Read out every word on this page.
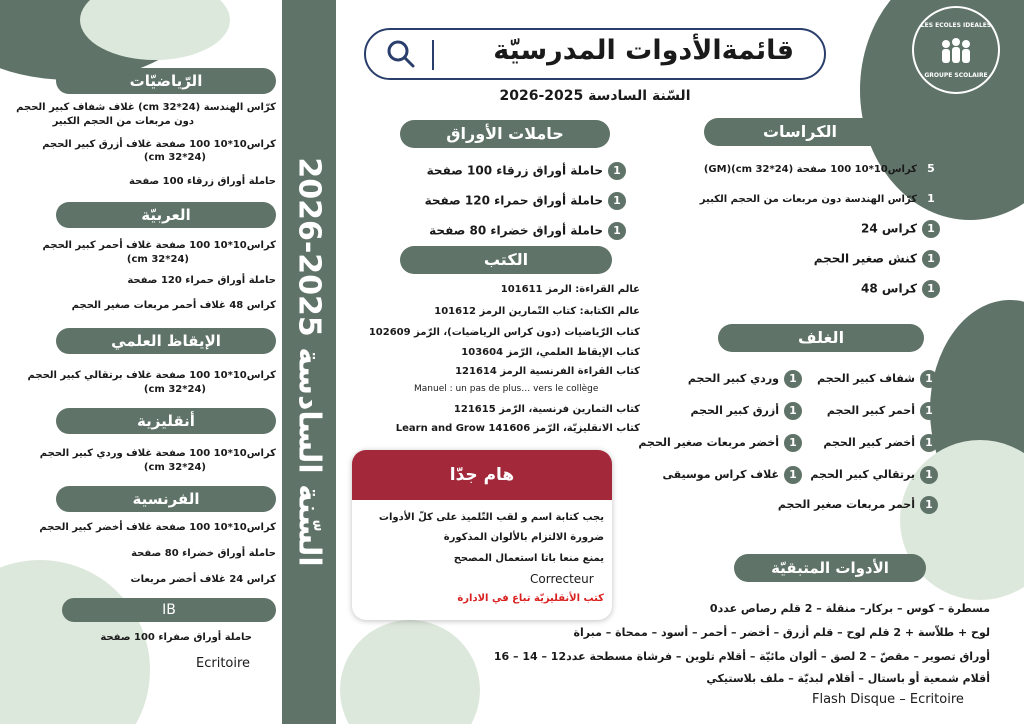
السّنة السادسة 2025-2026
LES ECOLES IDEALES
GROUPE SCOLAIRE
قائمةالأدوات المدرسيّة
السّنة السادسة 2025-2026
الرّياضيّات
كرّاس الهندسة (24*32 cm) غلاف شفاف كبير الحجم
دون مربعات من الحجم الكبير
كراس10*10 100 صفحة غلاف أزرق كبير الحجم
(24*32 cm)
حاملة أوراق زرقاء 100 صفحة
العربيّة
كراس10*10 100 صفحة غلاف أحمر كبير الحجم
(24*32 cm)
حاملة أوراق حمراء 120 صفحة
كراس 48 غلاف أحمر مربعات صغير الحجم
الإيقاظ العلمي
كراس10*10 100 صفحة غلاف برتقالي كبير الحجم
(24*32 cm)
أنقليزية
كراس10*10 100 صفحة غلاف وردي كبير الحجم
(24*32 cm)
الفرنسية
كراس10*10 100 صفحة غلاف أخضر كبير الحجم
حاملة أوراق خضراء 80 صفحة
كراس 24 غلاف أخضر مربعات
IB
حاملة أوراق صفراء 100 صفحة
Ecritoire
حاملات الأوراق
1حاملة أوراق زرقاء 100 صفحة
1حاملة أوراق حمراء 120 صفحة
1حاملة أوراق خضراء 80 صفحة
الكتب
عالم القراءة: الرمز 101611
عالم الكتابة: كتاب التّمارين الرمز 101612
كتاب الرّياضيات (دون كراس الرياضيات)، الرّمز 102609
كتاب الإيقاظ العلمي، الرّمز 103604
كتاب القراءة الفرنسية الرمز 121614
Manuel : un pas de plus… vers le collège
كتاب التمارين فرنسية، الرّمز 121615
كتاب الانقليزيّة، الرّمز 141606 Learn and Grow
هام جدّا
يجب كتابة اسم و لقب التّلميذ على كلّ الأدوات
ضرورة الالتزام بالألوان المذكورة
يمنع منعا باتا استعمال المصحح
Correcteur
كتب الأنقليزيّة تباع في الادارة
الكراسات
5كراس10*10 100 صفحة (24*32 cm)(GM)
1كرّاس الهندسة دون مربعات من الحجم الكبير
1كراس 24
1كنش صغير الحجم
1كراس 48
الغلف
1شفاف كبير الحجم
1وردي كبير الحجم
1أحمر كبير الحجم
1أزرق كبير الحجم
1أخضر كبير الحجم
1أخضر مربعات صغير الحجم
1برتقالي كبير الحجم
1غلاف كراس موسيقى
1أحمر مربعات صغير الحجم
الأدوات المتبقيّة
مسطرة – كوس – بركار– منقلة – 2 قلم رصاص عدد0
لوح + طلاّسة + 2 قلم لوح – قلم أزرق – أخضر – أحمر – أسود – ممحاة – مبراة
أوراق تصوير – مقصّ – 2 لصق – ألوان مائيّة – أقلام تلوين – فرشاة مسطحة عدد12 – 14 – 16
أقلام شمعية أو باستال – أقلام لبديّة – ملف بلاستيكي
Flash Disque – Ecritoire
